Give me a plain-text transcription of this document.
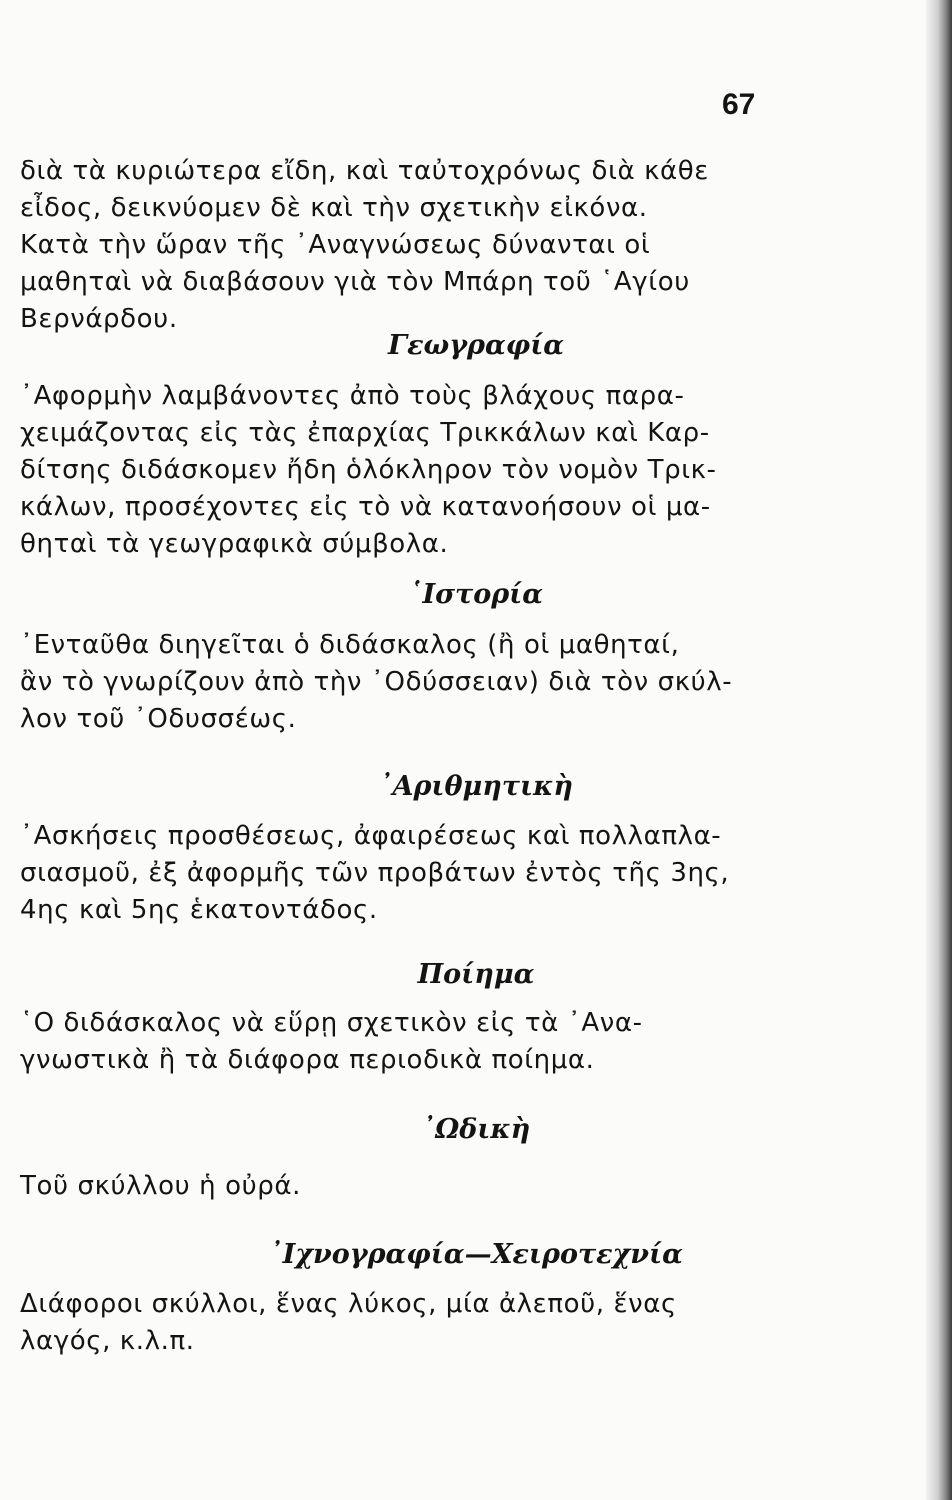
67

διὰ τὰ κυριώτερα εἴδη, καὶ ταὐτοχρόνως διὰ κάθε
εἶδος, δεικνύομεν δὲ καὶ τὴν σχετικὴν εἰκόνα.

Κατὰ τὴν ὥραν τῆς ᾿Αναγνώσεως δύνανται οἱ
μαθηταὶ νὰ διαβάσουν γιὰ τὸν Μπάρη τοῦ ῾Αγίου
Βερνάρδου.

Γεωγραφία

᾿Αφορμὴν λαμβάνοντες ἀπὸ τοὺς βλάχους παρα-
χειμάζοντας εἰς τὰς ἐπαρχίας Τρικκάλων καὶ Καρ-
δίτσης διδάσκομεν ἤδη ὁλόκληρον τὸν νομὸν Τρικ-
κάλων, προσέχοντες εἰς τὸ νὰ κατανοήσουν οἱ μα-
θηταὶ τὰ γεωγραφικὰ σύμβολα.

῾Ιστορία

᾿Ενταῦθα διηγεῖται ὁ διδάσκαλος (ἢ οἱ μαθηταί,
ἂν τὸ γνωρίζουν ἀπὸ τὴν ᾿Οδύσσειαν) διὰ τὸν σκύλ-
λον τοῦ ᾿Οδυσσέως.

᾿Αριθμητικὴ

᾿Ασκήσεις προσθέσεως, ἀφαιρέσεως καὶ πολλαπλα-
σιασμοῦ, ἐξ ἀφορμῆς τῶν προβάτων ἐντὸς τῆς 3ης,
4ης καὶ 5ης ἑκατοντάδος.

Ποίημα

῾Ο διδάσκαλος νὰ εὕρῃ σχετικὸν εἰς τὰ ᾿Ανα-
γνωστικὰ ἢ τὰ διάφορα περιοδικὰ ποίημα.

᾿Ωδικὴ

Τοῦ σκύλλου ἡ οὐρά.

᾿Ιχνογραφία—Χειροτεχνία

Διάφοροι σκύλλοι, ἕνας λύκος, μία ἀλεποῦ, ἕνας
λαγός, κ.λ.π.
